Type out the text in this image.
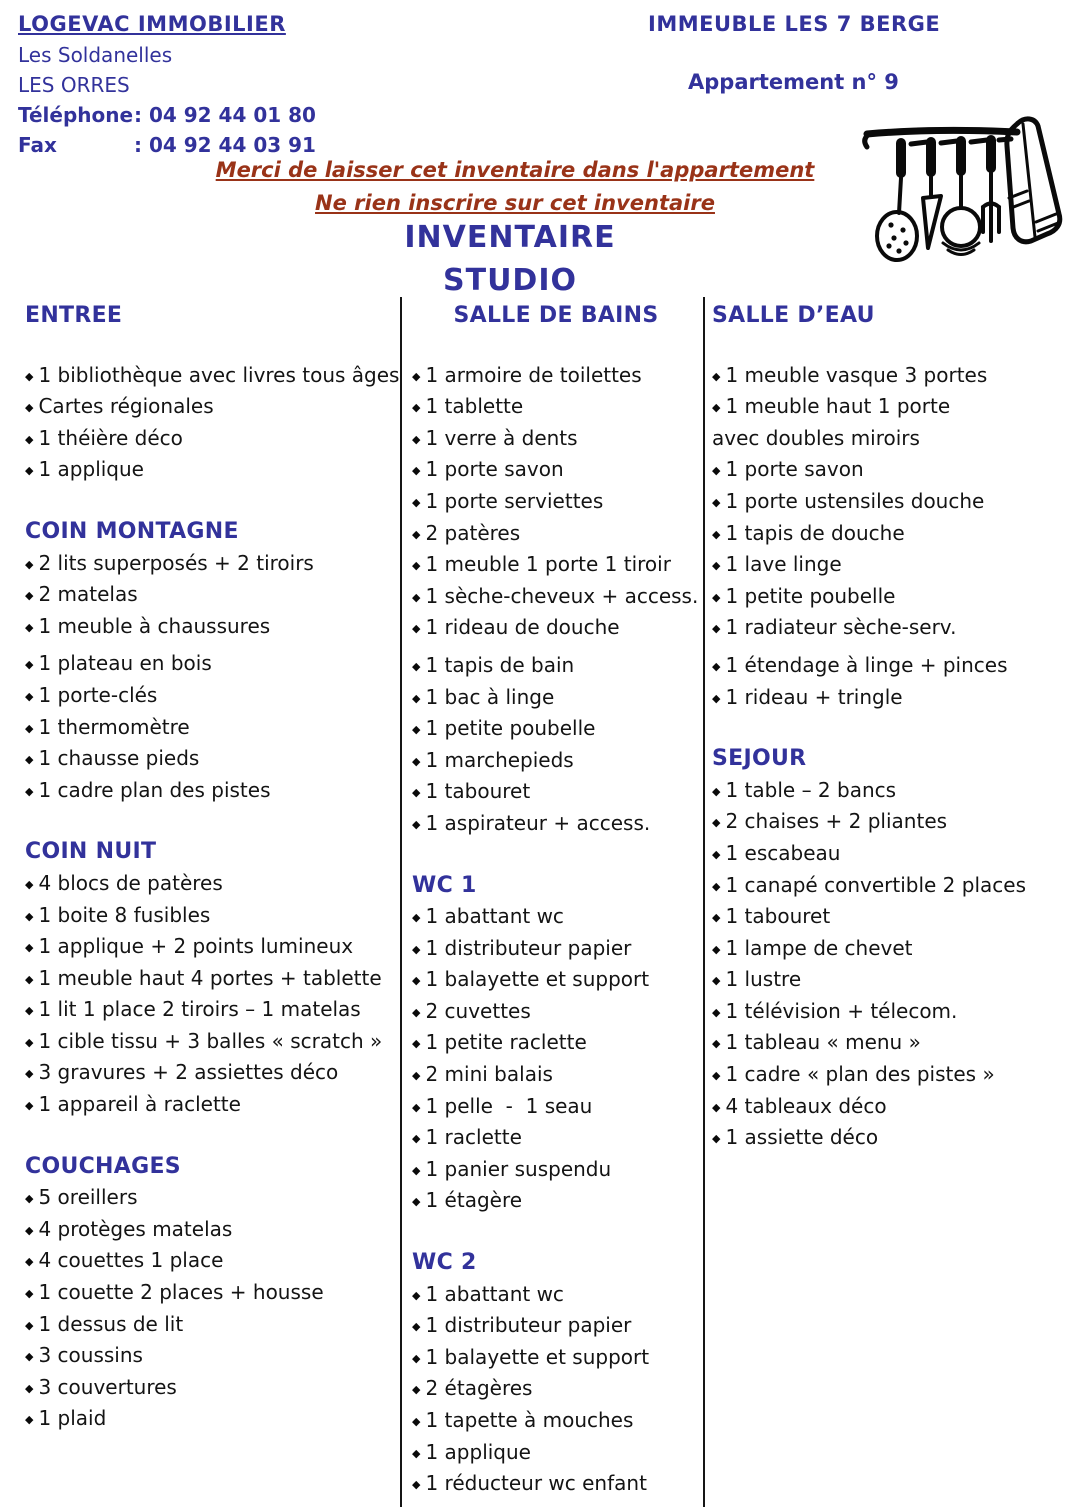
LOGEVAC IMMOBILIER
Les Soldanelles
LES ORRES
Téléphone: 04 92 44 01 80
Fax	: 04 92 44 03 91
IMMEUBLE LES 7 BERGE
Appartement n° 9
Merci de laisser cet inventaire dans l'appartement
Ne rien inscrire sur cet inventaire
INVENTAIRE
STUDIO
ENTREE
◆ 1 bibliothèque avec livres tous âges
◆ Cartes régionales
◆ 1 théière déco
◆ 1 applique
COIN MONTAGNE
◆ 2 lits superposés + 2 tiroirs
◆ 2 matelas
◆ 1 meuble à chaussures
◆ 1 plateau en bois
◆ 1 porte-clés
◆ 1 thermomètre
◆ 1 chausse pieds
◆ 1 cadre plan des pistes
COIN NUIT
◆ 4 blocs de patères
◆ 1 boite 8 fusibles
◆ 1 applique + 2 points lumineux
◆ 1 meuble haut 4 portes + tablette
◆ 1 lit 1 place 2 tiroirs – 1 matelas
◆ 1 cible tissu + 3 balles « scratch »
◆ 3 gravures + 2 assiettes déco
◆ 1 appareil à raclette
COUCHAGES
◆ 5 oreillers
◆ 4 protèges matelas
◆ 4 couettes 1 place
◆ 1 couette 2 places + housse
◆ 1 dessus de lit
◆ 3 coussins
◆ 3 couvertures
◆ 1 plaid
SALLE DE BAINS
◆ 1 armoire de toilettes
◆ 1 tablette
◆ 1 verre à dents
◆ 1 porte savon
◆ 1 porte serviettes
◆ 2 patères
◆ 1 meuble 1 porte 1 tiroir
◆ 1 sèche-cheveux + access.
◆ 1 rideau de douche
◆ 1 tapis de bain
◆ 1 bac à linge
◆ 1 petite poubelle
◆ 1 marchepieds
◆ 1 tabouret
◆ 1 aspirateur + access.
WC 1
◆ 1 abattant wc
◆ 1 distributeur papier
◆ 1 balayette et support
◆ 2 cuvettes
◆ 1 petite raclette
◆ 2 mini balais
◆ 1 pelle  -  1 seau
◆ 1 raclette
◆ 1 panier suspendu
◆ 1 étagère
WC 2
◆ 1 abattant wc
◆ 1 distributeur papier
◆ 1 balayette et support
◆ 2 étagères
◆ 1 tapette à mouches
◆ 1 applique
◆ 1 réducteur wc enfant
SALLE D’EAU
◆ 1 meuble vasque 3 portes
◆ 1 meuble haut 1 porte
avec doubles miroirs
◆ 1 porte savon
◆ 1 porte ustensiles douche
◆ 1 tapis de douche
◆ 1 lave linge
◆ 1 petite poubelle
◆ 1 radiateur sèche-serv.
◆ 1 étendage à linge + pinces
◆ 1 rideau + tringle
SEJOUR
◆ 1 table – 2 bancs
◆ 2 chaises + 2 pliantes
◆ 1 escabeau
◆ 1 canapé convertible 2 places
◆ 1 tabouret
◆ 1 lampe de chevet
◆ 1 lustre
◆ 1 télévision + télecom.
◆ 1 tableau « menu »
◆ 1 cadre « plan des pistes »
◆ 4 tableaux déco
◆ 1 assiette déco
